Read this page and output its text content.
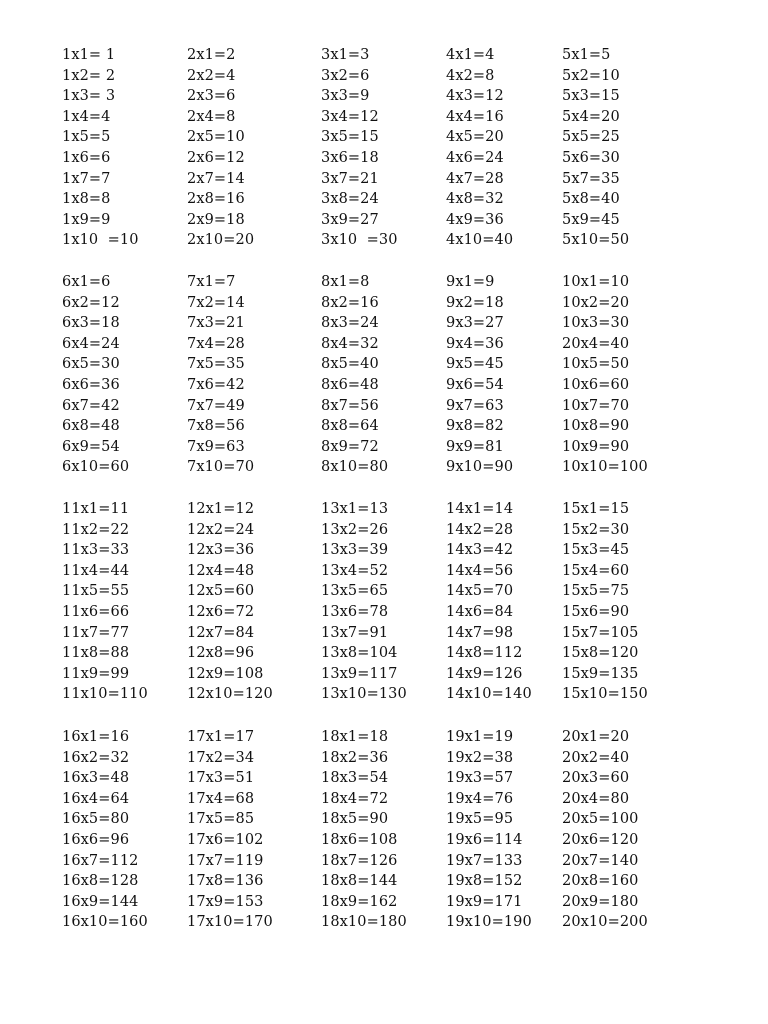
1x1= 1
1x2= 2
1x3= 3
1x4=4
1x5=5
1x6=6
1x7=7
1x8=8
1x9=9
1x10  =10
2x1=2
2x2=4
2x3=6
2x4=8
2x5=10
2x6=12
2x7=14
2x8=16
2x9=18
2x10=20
3x1=3
3x2=6
3x3=9
3x4=12
3x5=15
3x6=18
3x7=21
3x8=24
3x9=27
3x10  =30
4x1=4
4x2=8
4x3=12
4x4=16
4x5=20
4x6=24
4x7=28
4x8=32
4x9=36
4x10=40
5x1=5
5x2=10
5x3=15
5x4=20
5x5=25
5x6=30
5x7=35
5x8=40
5x9=45
5x10=50
6x1=6
6x2=12
6x3=18
6x4=24
6x5=30
6x6=36
6x7=42
6x8=48
6x9=54
6x10=60
7x1=7
7x2=14
7x3=21
7x4=28
7x5=35
7x6=42
7x7=49
7x8=56
7x9=63
7x10=70
8x1=8
8x2=16
8x3=24
8x4=32
8x5=40
8x6=48
8x7=56
8x8=64
8x9=72
8x10=80
9x1=9
9x2=18
9x3=27
9x4=36
9x5=45
9x6=54
9x7=63
9x8=82
9x9=81
9x10=90
10x1=10
10x2=20
10x3=30
20x4=40
10x5=50
10x6=60
10x7=70
10x8=90
10x9=90
10x10=100
11x1=11
11x2=22
11x3=33
11x4=44
11x5=55
11x6=66
11x7=77
11x8=88
11x9=99
11x10=110
12x1=12
12x2=24
12x3=36
12x4=48
12x5=60
12x6=72
12x7=84
12x8=96
12x9=108
12x10=120
13x1=13
13x2=26
13x3=39
13x4=52
13x5=65
13x6=78
13x7=91
13x8=104
13x9=117
13x10=130
14x1=14
14x2=28
14x3=42
14x4=56
14x5=70
14x6=84
14x7=98
14x8=112
14x9=126
14x10=140
15x1=15
15x2=30
15x3=45
15x4=60
15x5=75
15x6=90
15x7=105
15x8=120
15x9=135
15x10=150
16x1=16
16x2=32
16x3=48
16x4=64
16x5=80
16x6=96
16x7=112
16x8=128
16x9=144
16x10=160
17x1=17
17x2=34
17x3=51
17x4=68
17x5=85
17x6=102
17x7=119
17x8=136
17x9=153
17x10=170
18x1=18
18x2=36
18x3=54
18x4=72
18x5=90
18x6=108
18x7=126
18x8=144
18x9=162
18x10=180
19x1=19
19x2=38
19x3=57
19x4=76
19x5=95
19x6=114
19x7=133
19x8=152
19x9=171
19x10=190
20x1=20
20x2=40
20x3=60
20x4=80
20x5=100
20x6=120
20x7=140
20x8=160
20x9=180
20x10=200
